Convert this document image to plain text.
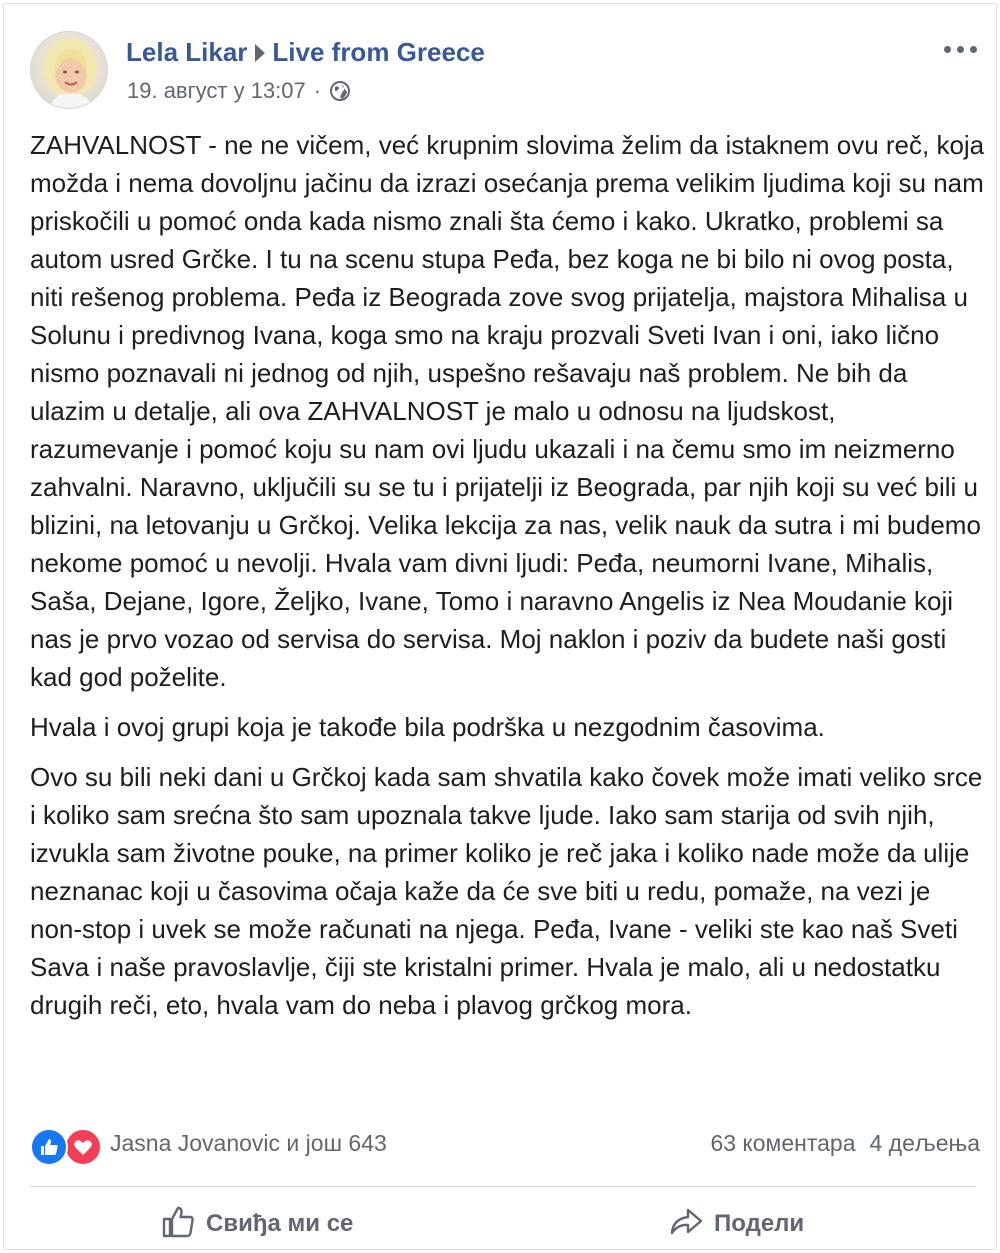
Lela Likar Live from Greece
19. август у 13:07 ·

ZAHVALNOST - ne ne vičem, već krupnim slovima želim da istaknem ovu reč, koja možda i nema dovoljnu jačinu da izrazi osećanja prema velikim ljudima koji su nam priskočili u pomoć onda kada nismo znali šta ćemo i kako. Ukratko, problemi sa autom usred Grčke. I tu na scenu stupa Peđa, bez koga ne bi bilo ni ovog posta, niti rešenog problema. Peđa iz Beograda zove svog prijatelja, majstora Mihalisa u Solunu i predivnog Ivana, koga smo na kraju prozvali Sveti Ivan i oni, iako lično nismo poznavali ni jednog od njih, uspešno rešavaju naš problem. Ne bih da ulazim u detalje, ali ova ZAHVALNOST je malo u odnosu na ljudskost, razumevanje i pomoć koju su nam ovi ljudu ukazali i na čemu smo im neizmerno zahvalni. Naravno, uključili su se tu i prijatelji iz Beograda, par njih koji su već bili u blizini, na letovanju u Grčkoj. Velika lekcija za nas, velik nauk da sutra i mi budemo nekome pomoć u nevolji. Hvala vam divni ljudi: Peđa, neumorni Ivane, Mihalis, Saša, Dejane, Igore, Željko, Ivane, Tomo i naravno Angelis iz Nea Moudanie koji nas je prvo vozao od servisa do servisa. Moj naklon i poziv da budete naši gosti kad god poželite.

Hvala i ovoj grupi koja je takođe bila podrška u nezgodnim časovima.

Ovo su bili neki dani u Grčkoj kada sam shvatila kako čovek može imati veliko srce i koliko sam srećna što sam upoznala takve ljude. Iako sam starija od svih njih, izvukla sam životne pouke, na primer koliko je reč jaka i koliko nade može da ulije neznanac koji u časovima očaja kaže da će sve biti u redu, pomaže, na vezi je non-stop i uvek se može računati na njega. Peđa, Ivane - veliki ste kao naš Sveti Sava i naše pravoslavlje, čiji ste kristalni primer. Hvala je malo, ali u nedostatku drugih reči, eto, hvala vam do neba i plavog grčkog mora.

Jasna Jovanovic и још 643	63 коментара 4 дељења
Свиђа ми се	Подели
